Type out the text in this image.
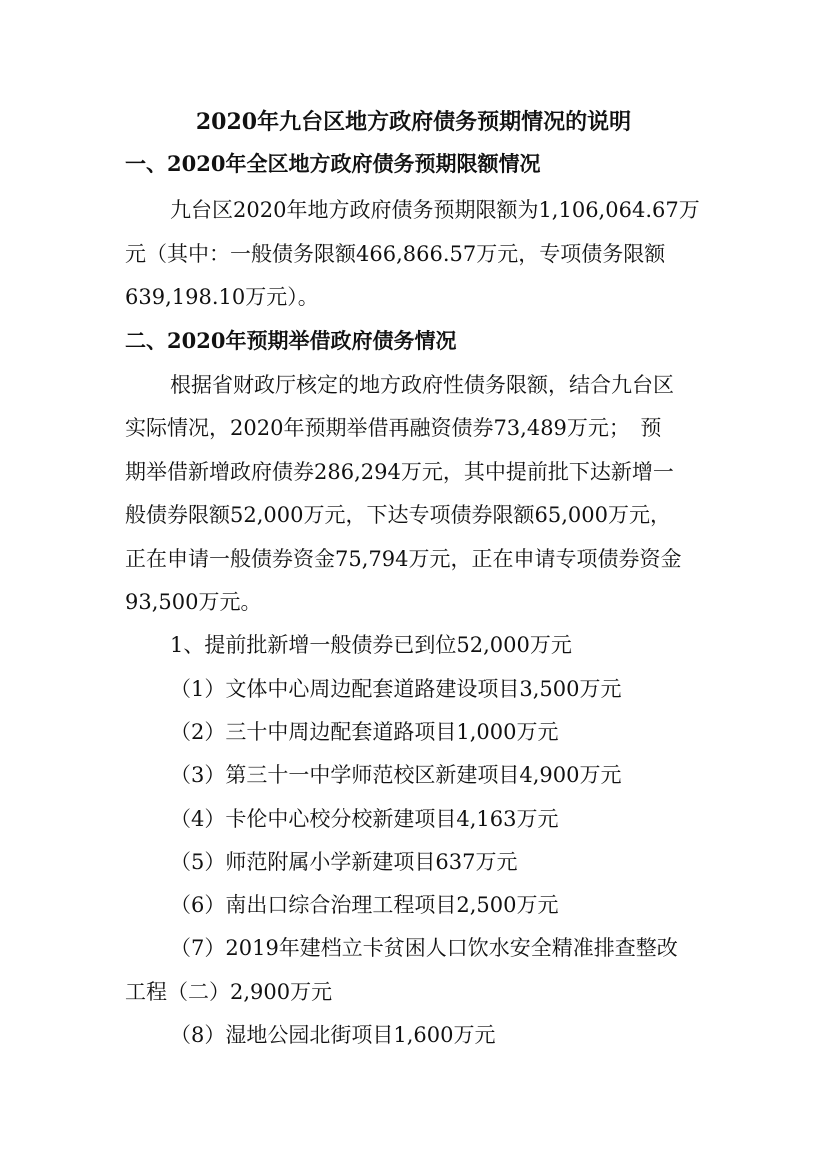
2020年九台区地方政府债务预期情况的说明
一、2020年全区地方政府债务预期限额情况
九台区2020年地方政府债务预期限额为1,106,064.67万
元（其中：一般债务限额466,866.57万元，专项债务限额
639,198.10万元）。
二、2020年预期举借政府债务情况
根据省财政厅核定的地方政府性债务限额，结合九台区
实际情况，2020年预期举借再融资债券73,489万元；　预
期举借新增政府债券286,294万元，其中提前批下达新增一
般债券限额52,000万元，下达专项债券限额65,000万元，
正在申请一般债券资金75,794万元，正在申请专项债券资金
93,500万元。
1、提前批新增一般债券已到位52,000万元
（1）文体中心周边配套道路建设项目3,500万元
（2）三十中周边配套道路项目1,000万元
（3）第三十一中学师范校区新建项目4,900万元
（4）卡伦中心校分校新建项目4,163万元
（5）师范附属小学新建项目637万元
（6）南出口综合治理工程项目2,500万元
（7）2019年建档立卡贫困人口饮水安全精准排查整改
工程（二）2,900万元
（8）湿地公园北街项目1,600万元
